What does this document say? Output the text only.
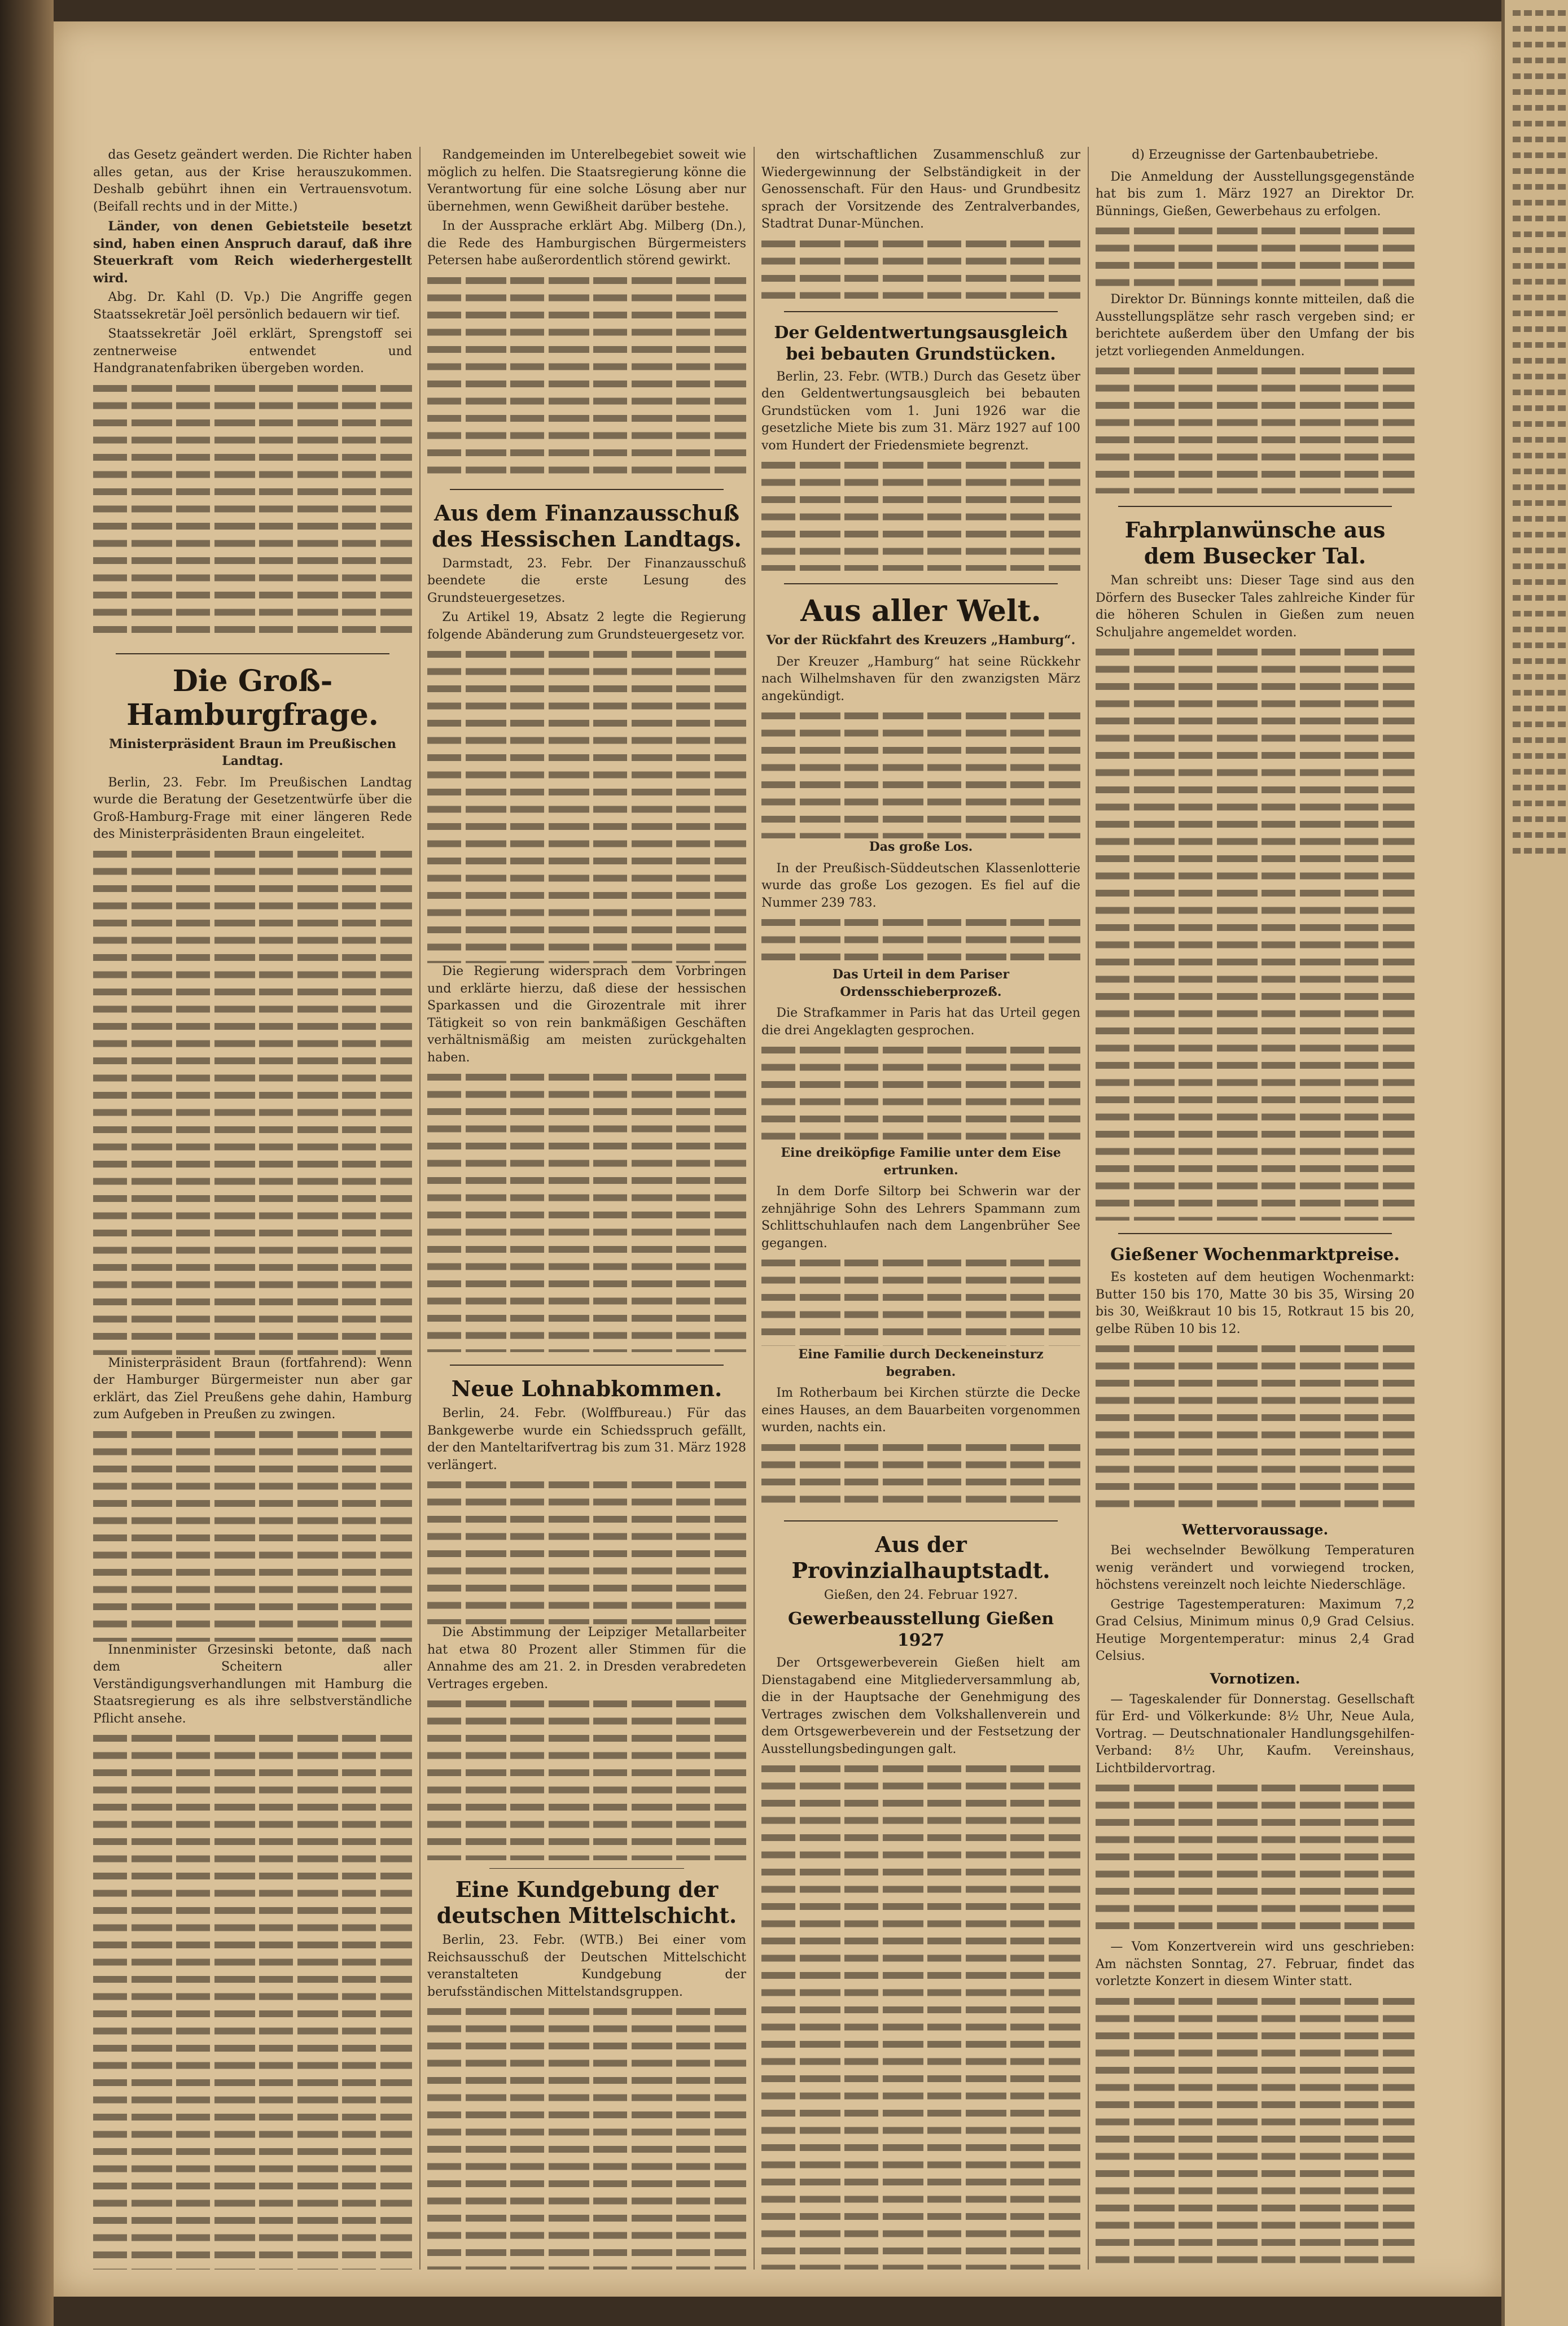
das Gesetz geändert werden. Die Richter haben alles getan, aus der Krise herauszukommen. Deshalb gebührt ihnen ein Vertrauensvotum. (Beifall rechts und in der Mitte.)

Länder, von denen Gebietsteile besetzt sind, haben einen Anspruch darauf, daß ihre Steuerkraft vom Reich wiederhergestellt wird.

Abg. Dr. Kahl (D. Vp.) Die Angriffe gegen Staatssekretär Joël persönlich bedauern wir tief.

Staatssekretär Joël erklärt, Sprengstoff sei zentnerweise entwendet und Handgranatenfabriken übergeben worden.

Die Groß-Hamburgfrage.
Ministerpräsident Braun im Preußischen Landtag.

Berlin, 23. Febr. Im Preußischen Landtag wurde die Beratung der Gesetzentwürfe über die Groß-Hamburg-Frage mit einer längeren Rede des Ministerpräsidenten Braun eingeleitet.

Ministerpräsident Braun (fortfahrend): Wenn der Hamburger Bürgermeister nun aber gar erklärt, das Ziel Preußens gehe dahin, Hamburg zum Aufgeben in Preußen zu zwingen.

Innenminister Grzesinski betonte, daß nach dem Scheitern aller Verständigungsverhandlungen mit Hamburg die Staatsregierung es als ihre selbstverständliche Pflicht ansehe.

Randgemeinden im Unterelbegebiet soweit wie möglich zu helfen. Die Staatsregierung könne die Verantwortung für eine solche Lösung aber nur übernehmen, wenn Gewißheit darüber bestehe.

In der Aussprache erklärt Abg. Milberg (Dn.), die Rede des Hamburgischen Bürgermeisters Petersen habe außerordentlich störend gewirkt.

Aus dem Finanzausschuß des Hessischen Landtags.

Darmstadt, 23. Febr. Der Finanzausschuß beendete die erste Lesung des Grundsteuergesetzes.

Zu Artikel 19, Absatz 2 legte die Regierung folgende Abänderung zum Grundsteuergesetz vor.

Die Regierung widersprach dem Vorbringen und erklärte hierzu, daß diese der hessischen Sparkassen und die Girozentrale mit ihrer Tätigkeit so von rein bankmäßigen Geschäften verhältnismäßig am meisten zurückgehalten haben.

Neue Lohnabkommen.

Berlin, 24. Febr. (Wolffbureau.) Für das Bankgewerbe wurde ein Schiedsspruch gefällt, der den Manteltarifvertrag bis zum 31. März 1928 verlängert.

Die Abstimmung der Leipziger Metallarbeiter hat etwa 80 Prozent aller Stimmen für die Annahme des am 21. 2. in Dresden verabredeten Vertrages ergeben.

Eine Kundgebung der deutschen Mittelschicht.

Berlin, 23. Febr. (WTB.) Bei einer vom Reichsausschuß der Deutschen Mittelschicht veranstalteten Kundgebung der berufsständischen Mittelstandsgruppen.

den wirtschaftlichen Zusammenschluß zur Wiedergewinnung der Selbständigkeit in der Genossenschaft. Für den Haus- und Grundbesitz sprach der Vorsitzende des Zentralverbandes, Stadtrat Dunar-München.

Der Geldentwertungsausgleich bei bebauten Grundstücken.

Berlin, 23. Febr. (WTB.) Durch das Gesetz über den Geldentwertungsausgleich bei bebauten Grundstücken vom 1. Juni 1926 war die gesetzliche Miete bis zum 31. März 1927 auf 100 vom Hundert der Friedensmiete begrenzt.

Aus aller Welt.
Vor der Rückfahrt des Kreuzers „Hamburg“.

Der Kreuzer „Hamburg“ hat seine Rückkehr nach Wilhelmshaven für den zwanzigsten März angekündigt.

Das große Los.

In der Preußisch-Süddeutschen Klassenlotterie wurde das große Los gezogen. Es fiel auf die Nummer 239 783.

Das Urteil in dem Pariser Ordensschieberprozeß.

Die Strafkammer in Paris hat das Urteil gegen die drei Angeklagten gesprochen.

Eine dreiköpfige Familie unter dem Eise ertrunken.

In dem Dorfe Siltorp bei Schwerin war der zehnjährige Sohn des Lehrers Spammann zum Schlittschuhlaufen nach dem Langenbrüher See gegangen.

Eine Familie durch Deckeneinsturz begraben.

Im Rotherbaum bei Kirchen stürzte die Decke eines Hauses, an dem Bauarbeiten vorgenommen wurden, nachts ein.

Aus der Provinzialhauptstadt.
Gießen, den 24. Februar 1927.
Gewerbeausstellung Gießen 1927

Der Ortsgewerbeverein Gießen hielt am Dienstagabend eine Mitgliederversammlung ab, die in der Hauptsache der Genehmigung des Vertrages zwischen dem Volkshallenverein und dem Ortsgewerbeverein und der Festsetzung der Ausstellungsbedingungen galt.

d) Erzeugnisse der Gartenbaubetriebe.

Die Anmeldung der Ausstellungsgegenstände hat bis zum 1. März 1927 an Direktor Dr. Bünnings, Gießen, Gewerbehaus zu erfolgen.

Direktor Dr. Bünnings konnte mitteilen, daß die Ausstellungsplätze sehr rasch vergeben sind; er berichtete außerdem über den Umfang der bis jetzt vorliegenden Anmeldungen.

Fahrplanwünsche aus dem Busecker Tal.

Man schreibt uns: Dieser Tage sind aus den Dörfern des Busecker Tales zahlreiche Kinder für die höheren Schulen in Gießen zum neuen Schuljahre angemeldet worden.

Gießener Wochenmarktpreise.

Es kosteten auf dem heutigen Wochenmarkt: Butter 150 bis 170, Matte 30 bis 35, Wirsing 20 bis 30, Weißkraut 10 bis 15, Rotkraut 15 bis 20, gelbe Rüben 10 bis 12.

Wettervoraussage.

Bei wechselnder Bewölkung Temperaturen wenig verändert und vorwiegend trocken, höchstens vereinzelt noch leichte Niederschläge.

Gestrige Tagestemperaturen: Maximum 7,2 Grad Celsius, Minimum minus 0,9 Grad Celsius. Heutige Morgentemperatur: minus 2,4 Grad Celsius.

Vornotizen.

— Tageskalender für Donnerstag. Gesellschaft für Erd- und Völkerkunde: 8½ Uhr, Neue Aula, Vortrag. — Deutschnationaler Handlungsgehilfen-Verband: 8½ Uhr, Kaufm. Vereinshaus, Lichtbildervortrag.

— Vom Konzertverein wird uns geschrieben: Am nächsten Sonntag, 27. Februar, findet das vorletzte Konzert in diesem Winter statt.
